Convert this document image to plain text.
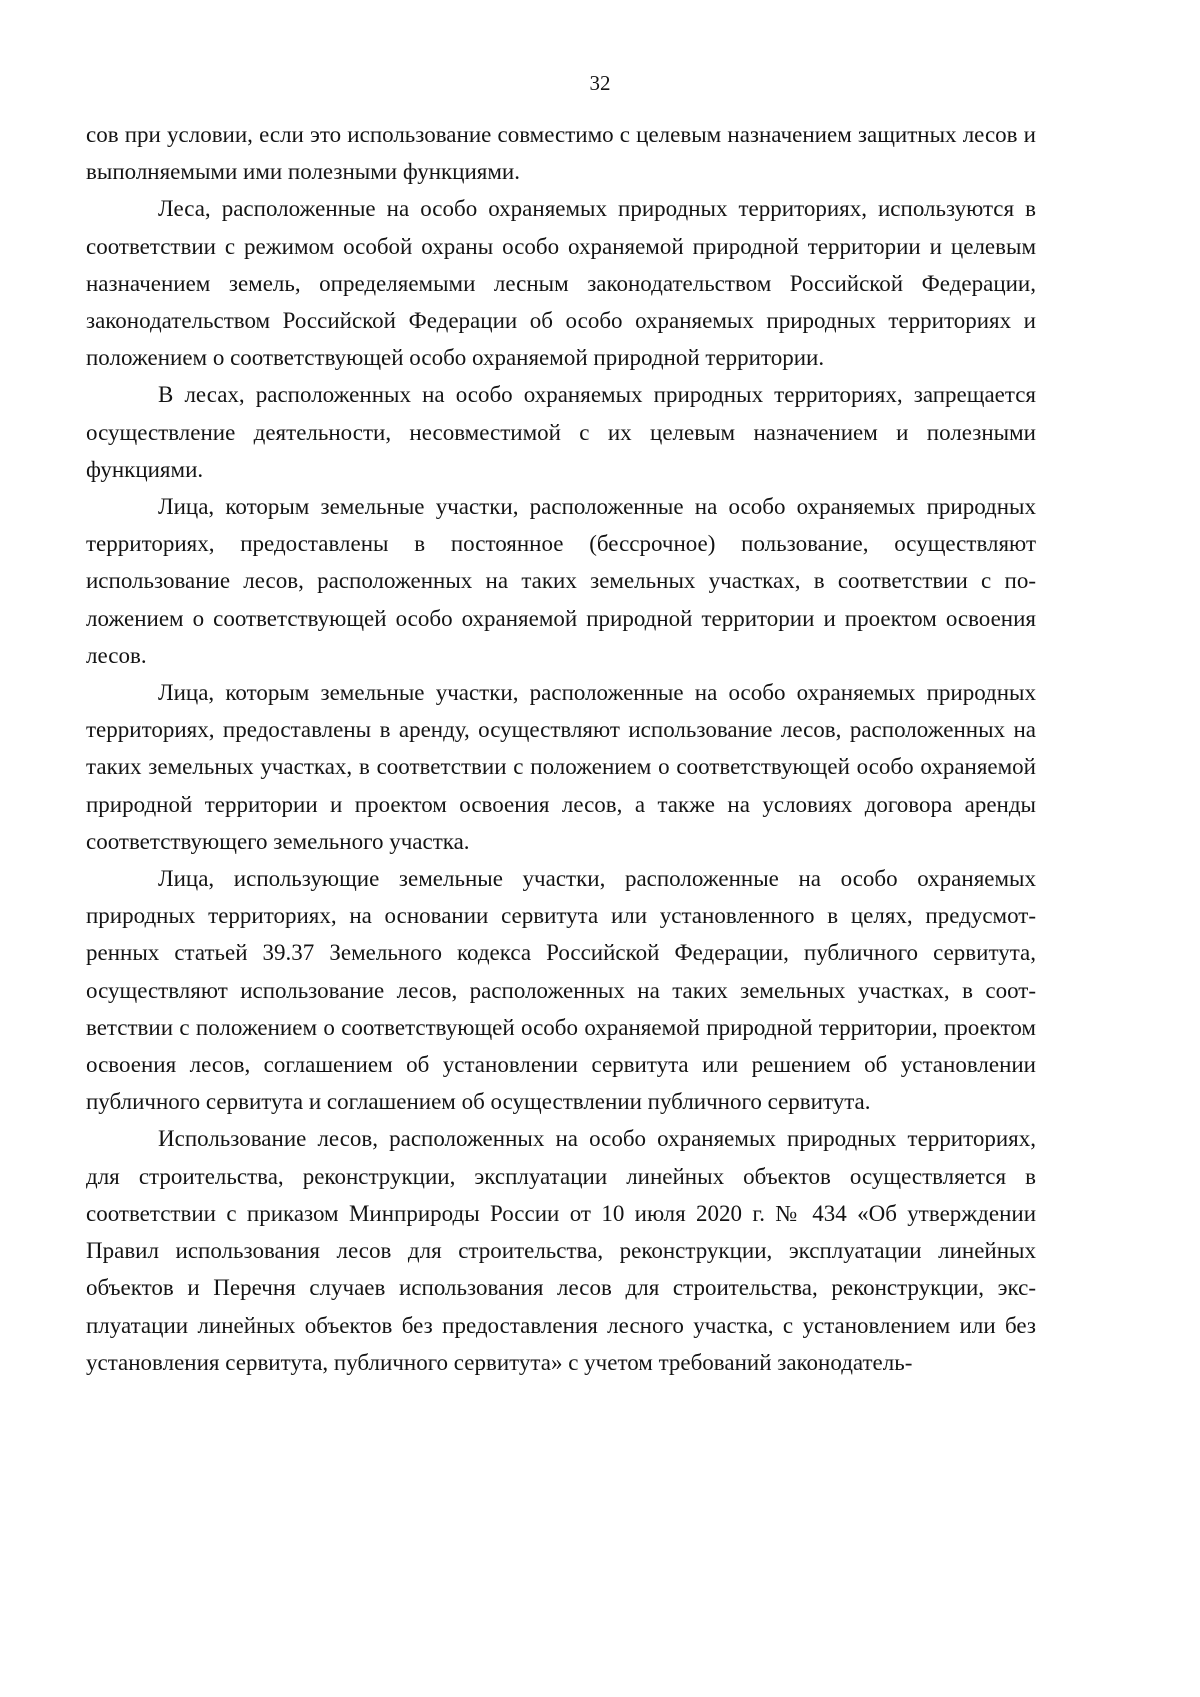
32

сов при условии, если это использование совместимо с целевым назначением защитных лесов и выполняемыми ими полезными функциями.

Леса, расположенные на особо охраняемых природных территориях, используются в соответствии с режимом особой охраны особо охраняемой природной территории и целевым назначением земель, определяемыми лесным законодательством Российской Федерации, законодательством Российской Федерации об особо охраняемых природных территориях и положением о соответствующей особо охраняемой природной территории.

В лесах, расположенных на особо охраняемых природных территориях, запрещается осуществление деятельности, несовместимой с их целевым назначением и полезными функциями.

Лица, которым земельные участки, расположенные на особо охраняемых природных территориях, предоставлены в постоянное (бессрочное) пользование, осуществляют использование лесов, расположенных на таких земельных участках, в соответствии с положением о соответствующей особо охраняемой природной территории и проектом освоения лесов.

Лица, которым земельные участки, расположенные на особо охраняемых природных территориях, предоставлены в аренду, осуществляют использование лесов, расположенных на таких земельных участках, в соответствии с положением о соответствующей особо охраняемой природной территории и проектом освоения лесов, а также на условиях договора аренды соответствующего земельного участка.

Лица, использующие земельные участки, расположенные на особо охраняемых природных территориях, на основании сервитута или установленного в целях, предусмотренных статьей 39.37 Земельного кодекса Российской Федерации, публичного сервитута, осуществляют использование лесов, расположенных на таких земельных участках, в соответствии с положением о соответствующей особо охраняемой природной территории, проектом освоения лесов, соглашением об установлении сервитута или решением об установлении публичного сервитута и соглашением об осуществлении публичного сервитута.

Использование лесов, расположенных на особо охраняемых природных территориях, для строительства, реконструкции, эксплуатации линейных объектов осуществляется в соответствии с приказом Минприроды России от 10 июля 2020 г. № 434 «Об утверждении Правил использования лесов для строительства, реконструкции, эксплуатации линейных объектов и Перечня случаев использования лесов для строительства, реконструкции, эксплуатации линейных объектов без предоставления лесного участка, с установлением или без установления сервитута, публичного сервитута» с учетом требований законодатель-
